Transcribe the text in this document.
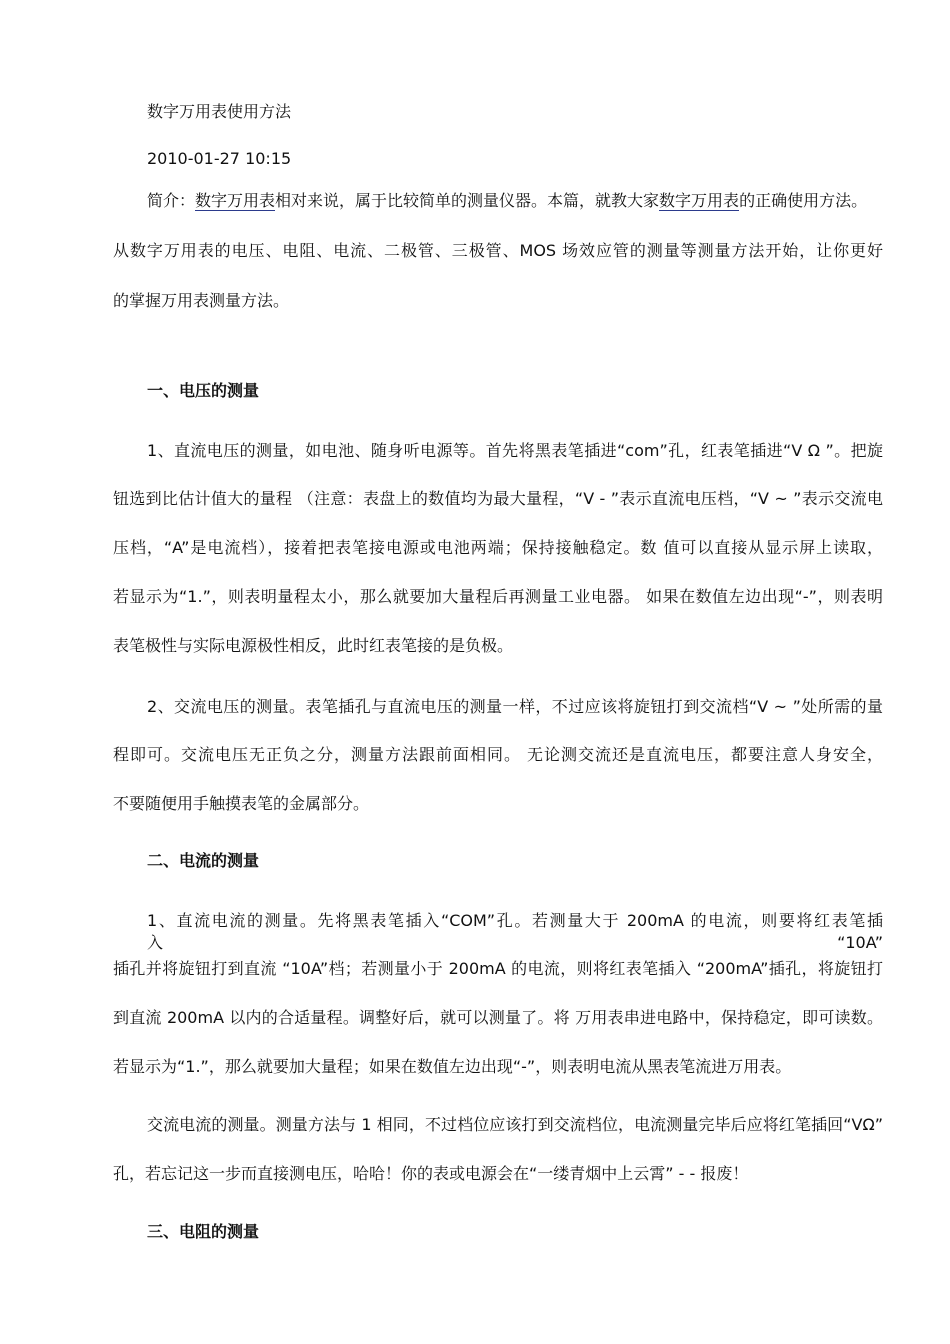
数字万用表使用方法
2010-01-27 10:15
简介：数字万用表相对来说，属于比较简单的测量仪器。本篇，就教大家数字万用表的正确使用方法。
从数字万用表的电压、电阻、电流、二极管、三极管、MOS 场效应管的测量等测量方法开始，让你更好
的掌握万用表测量方法。
一、电压的测量
1、直流电压的测量，如电池、随身听电源等。首先将黑表笔插进“com”孔，红表笔插进“V Ω ”。把旋
钮选到比估计值大的量程 （注意：表盘上的数值均为最大量程，“V - ”表示直流电压档，“V ~ ”表示交流电
压档，“A”是电流档），接着把表笔接电源或电池两端；保持接触稳定。数 值可以直接从显示屏上读取，
若显示为“1.”，则表明量程太小，那么就要加大量程后再测量工业电器。 如果在数值左边出现“-”，则表明
表笔极性与实际电源极性相反，此时红表笔接的是负极。
2、交流电压的测量。表笔插孔与直流电压的测量一样，不过应该将旋钮打到交流档“V ~ ”处所需的量
程即可。交流电压无正负之分，测量方法跟前面相同。 无论测交流还是直流电压，都要注意人身安全，
不要随便用手触摸表笔的金属部分。
二、电流的测量
1、直流电流的测量。先将黑表笔插入“COM”孔。若测量大于 200mA 的电流，则要将红表笔插入“10A”
插孔并将旋钮打到直流 “10A”档；若测量小于 200mA 的电流，则将红表笔插入 “200mA”插孔，将旋钮打
到直流 200mA 以内的合适量程。调整好后，就可以测量了。将 万用表串进电路中，保持稳定，即可读数。
若显示为“1.”，那么就要加大量程；如果在数值左边出现“-”，则表明电流从黑表笔流进万用表。
交流电流的测量。测量方法与 1 相同，不过档位应该打到交流档位，电流测量完毕后应将红笔插回“VΩ”
孔，若忘记这一步而直接测电压，哈哈！你的表或电源会在“一缕青烟中上云霄” - - 报废！
三、电阻的测量
